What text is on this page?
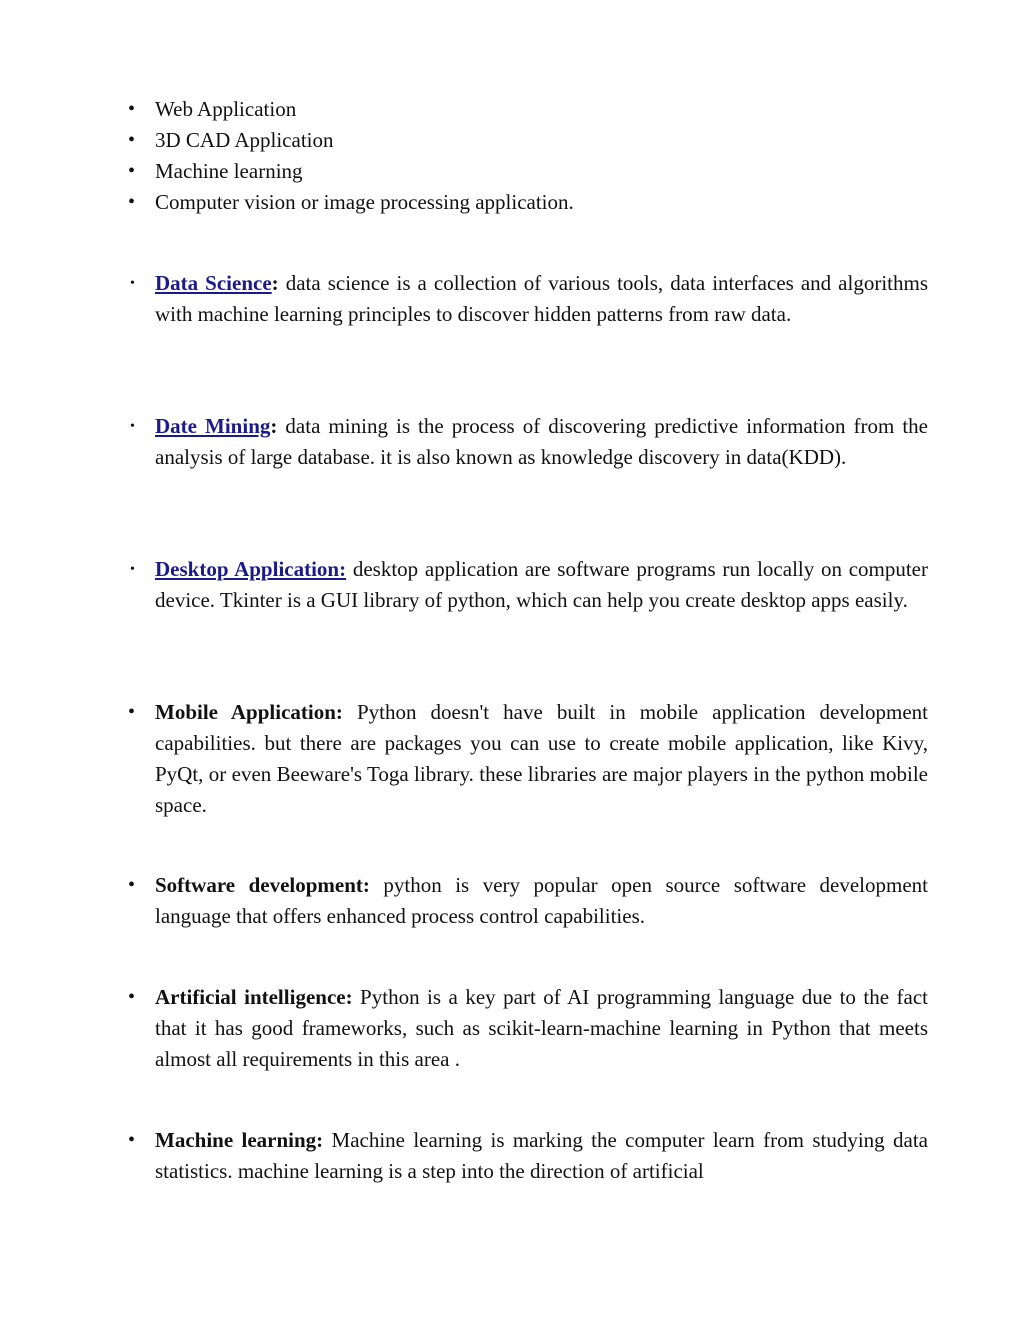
• Web Application
• 3D CAD Application
• Machine learning
• Computer vision or image processing application.
• Data Science: data science is a collection of various tools, data interfaces and algorithms with machine learning principles to discover hidden patterns from raw data.
• Date Mining: data mining is the process of discovering predictive information from the analysis of large database. it is also known as knowledge discovery in data(KDD).
• Desktop Application: desktop application are software programs run locally on computer device. Tkinter is a GUI library of python, which can help you create desktop apps easily.
• Mobile Application: Python doesn't have built in mobile application development capabilities. but there are packages you can use to create mobile application, like Kivy, PyQt, or even Beeware's Toga library. these libraries are major players in the python mobile space.
• Software development: python is very popular open source software development language that offers enhanced process control capabilities.
• Artificial intelligence: Python is a key part of AI programming language due to the fact that it has good frameworks, such as scikit-learn-machine learning in Python that meets almost all requirements in this area .
• Machine learning: Machine learning is marking the computer learn from studying data statistics. machine learning is a step into the direction of artificial
